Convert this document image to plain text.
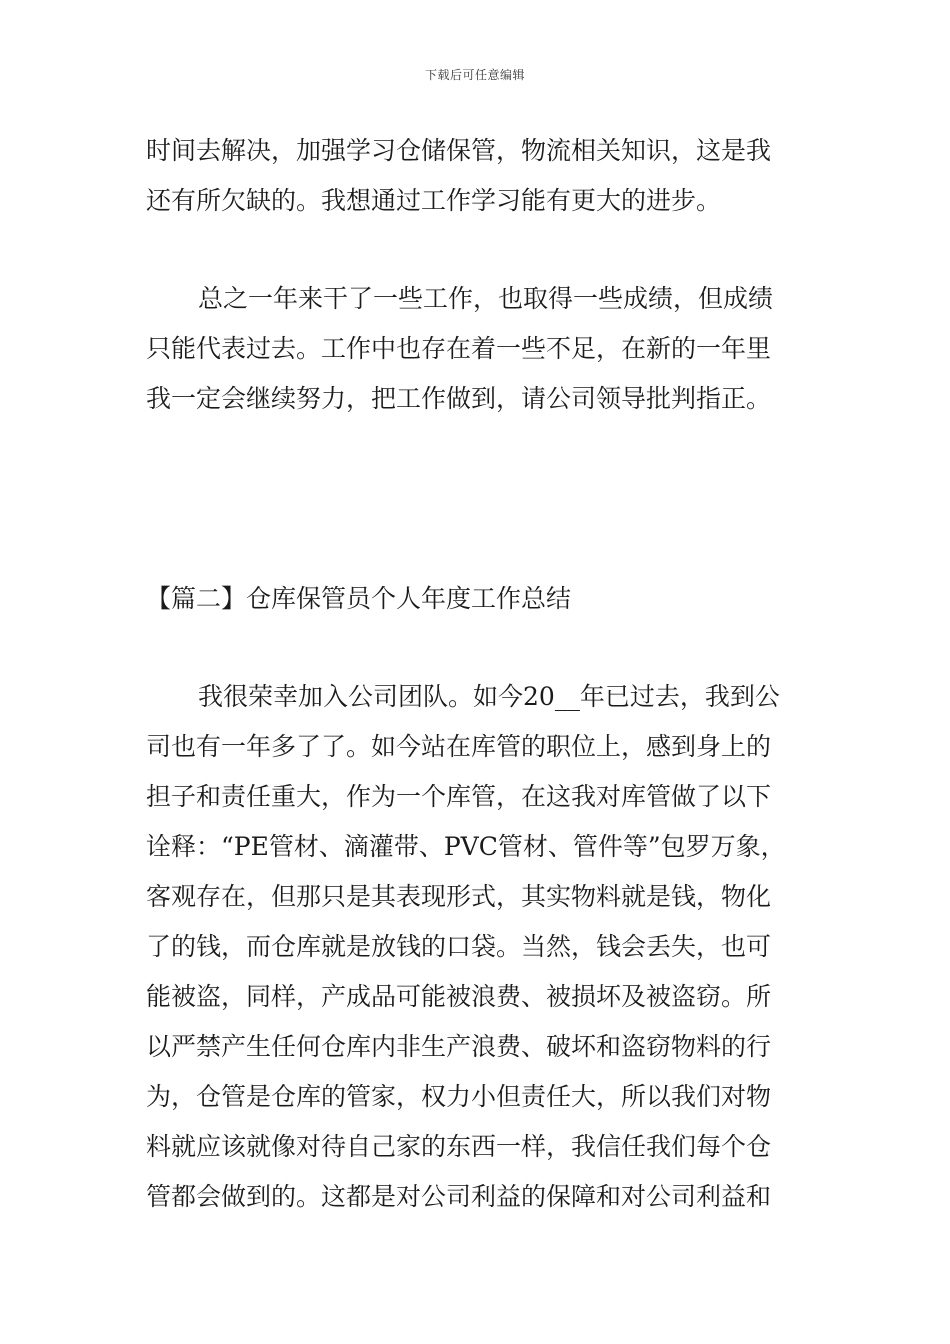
下载后可任意编辑

时间去解决，加强学习仓储保管，物流相关知识，这是我
还有所欠缺的。我想通过工作学习能有更大的进步。

总之一年来干了一些工作，也取得一些成绩，但成绩
只能代表过去。工作中也存在着一些不足，在新的一年里
我一定会继续努力，把工作做到，请公司领导批判指正。

【篇二】仓库保管员个人年度工作总结

我很荣幸加入公司团队。如今20__年已过去，我到公
司也有一年多了了。如今站在库管的职位上，感到身上的
担子和责任重大，作为一个库管，在这我对库管做了以下
诠释：“PE管材、滴灌带、PVC管材、管件等”包罗万象，
客观存在，但那只是其表现形式，其实物料就是钱，物化
了的钱，而仓库就是放钱的口袋。当然，钱会丢失，也可
能被盗，同样，产成品可能被浪费、被损坏及被盗窃。所
以严禁产生任何仓库内非生产浪费、破坏和盗窃物料的行
为，仓管是仓库的管家，权力小但责任大，所以我们对物
料就应该就像对待自己家的东西一样，我信任我们每个仓
管都会做到的。这都是对公司利益的保障和对公司利益和
